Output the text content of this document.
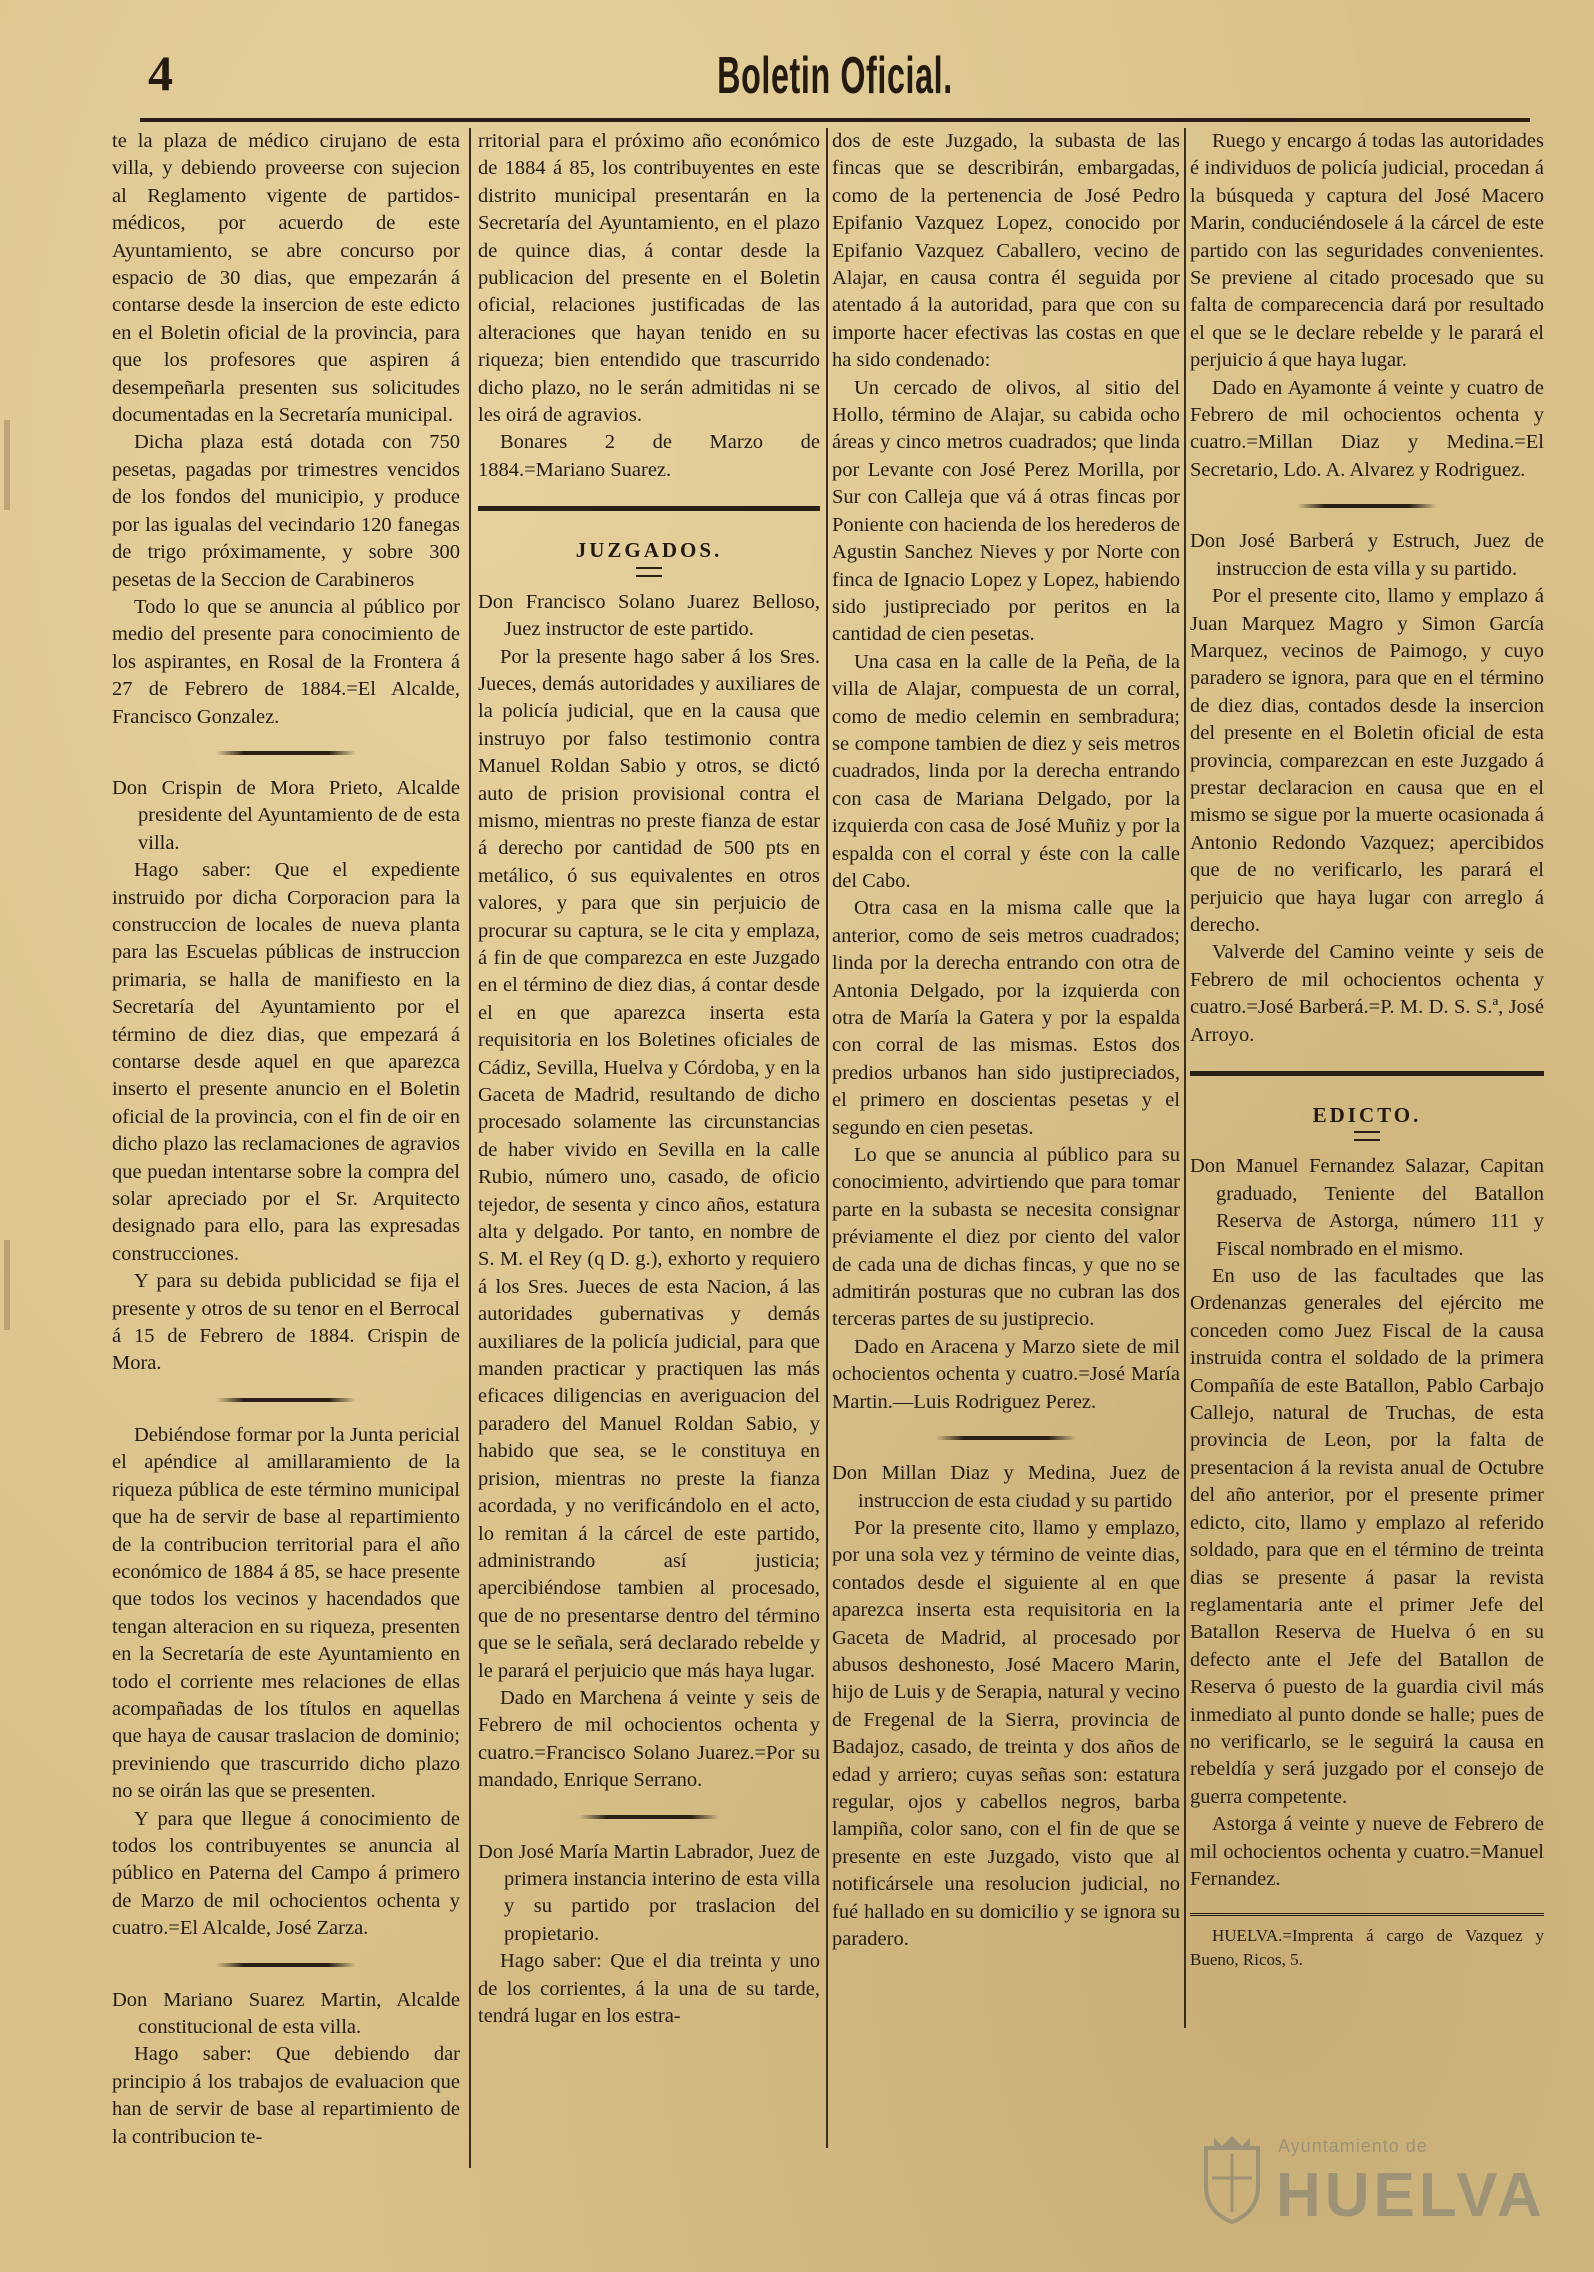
4	Boletin Oficial.

te la plaza de médico cirujano de esta villa, y debiendo proveerse con sujecion al Reglamento vigente de partidos-médicos, por acuerdo de este Ayuntamiento, se abre concurso por espacio de 30 dias, que empezarán á contarse desde la insercion de este edicto en el Boletin oficial de la provincia, para que los profesores que aspiren á desempeñarla presenten sus solicitudes documentadas en la Secretaría municipal.

Dicha plaza está dotada con 750 pesetas, pagadas por trimestres vencidos de los fondos del municipio, y produce por las igualas del vecindario 120 fanegas de trigo próximamente, y sobre 300 pesetas de la Seccion de Carabineros

Todo lo que se anuncia al público por medio del presente para conocimiento de los aspirantes, en Rosal de la Frontera á 27 de Febrero de 1884.=El Alcalde, Francisco Gonzalez.

Don Crispin de Mora Prieto, Alcalde presidente del Ayuntamiento de de esta villa.

Hago saber: Que el expediente instruido por dicha Corporacion para la construccion de locales de nueva planta para las Escuelas públicas de instruccion primaria, se halla de manifiesto en la Secretaría del Ayuntamiento por el término de diez dias, que empezará á contarse desde aquel en que aparezca inserto el presente anuncio en el Boletin oficial de la provincia, con el fin de oir en dicho plazo las reclamaciones de agravios que puedan intentarse sobre la compra del solar apreciado por el Sr. Arquitecto designado para ello, para las expresadas construcciones.

Y para su debida publicidad se fija el presente y otros de su tenor en el Berrocal á 15 de Febrero de 1884. Crispin de Mora.

Debiéndose formar por la Junta pericial el apéndice al amillaramiento de la riqueza pública de este término municipal que ha de servir de base al repartimiento de la contribucion territorial para el año económico de 1884 á 85, se hace presente que todos los vecinos y hacendados que tengan alteracion en su riqueza, presenten en la Secretaría de este Ayuntamiento en todo el corriente mes relaciones de ellas acompañadas de los títulos en aquellas que haya de causar traslacion de dominio; previniendo que trascurrido dicho plazo no se oirán las que se presenten.

Y para que llegue á conocimiento de todos los contribuyentes se anuncia al público en Paterna del Campo á primero de Marzo de mil ochocientos ochenta y cuatro.=El Alcalde, José Zarza.

Don Mariano Suarez Martin, Alcalde constitucional de esta villa.

Hago saber: Que debiendo dar principio á los trabajos de evaluacion que han de servir de base al repartimiento de la contribucion te-

rritorial para el próximo año económico de 1884 á 85, los contribuyentes en este distrito municipal presentarán en la Secretaría del Ayuntamiento, en el plazo de quince dias, á contar desde la publicacion del presente en el Boletin oficial, relaciones justificadas de las alteraciones que hayan tenido en su riqueza; bien entendido que trascurrido dicho plazo, no le serán admitidas ni se les oirá de agravios.

Bonares 2 de Marzo de 1884.=Mariano Suarez.

JUZGADOS.

Don Francisco Solano Juarez Belloso, Juez instructor de este partido.

Por la presente hago saber á los Sres. Jueces, demás autoridades y auxiliares de la policía judicial, que en la causa que instruyo por falso testimonio contra Manuel Roldan Sabio y otros, se dictó auto de prision provisional contra el mismo, mientras no preste fianza de estar á derecho por cantidad de 500 pts en metálico, ó sus equivalentes en otros valores, y para que sin perjuicio de procurar su captura, se le cita y emplaza, á fin de que comparezca en este Juzgado en el término de diez dias, á contar desde el en que aparezca inserta esta requisitoria en los Boletines oficiales de Cádiz, Sevilla, Huelva y Córdoba, y en la Gaceta de Madrid, resultando de dicho procesado solamente las circunstancias de haber vivido en Sevilla en la calle Rubio, número uno, casado, de oficio tejedor, de sesenta y cinco años, estatura alta y delgado. Por tanto, en nombre de S. M. el Rey (q D. g.), exhorto y requiero á los Sres. Jueces de esta Nacion, á las autoridades gubernativas y demás auxiliares de la policía judicial, para que manden practicar y practiquen las más eficaces diligencias en averiguacion del paradero del Manuel Roldan Sabio, y habido que sea, se le constituya en prision, mientras no preste la fianza acordada, y no verificándolo en el acto, lo remitan á la cárcel de este partido, administrando así justicia; apercibiéndose tambien al procesado, que de no presentarse dentro del término que se le señala, será declarado rebelde y le parará el perjuicio que más haya lugar.

Dado en Marchena á veinte y seis de Febrero de mil ochocientos ochenta y cuatro.=Francisco Solano Juarez.=Por su mandado, Enrique Serrano.

Don José María Martin Labrador, Juez de primera instancia interino de esta villa y su partido por traslacion del propietario.

Hago saber: Que el dia treinta y uno de los corrientes, á la una de su tarde, tendrá lugar en los estra-

dos de este Juzgado, la subasta de las fincas que se describirán, embargadas, como de la pertenencia de José Pedro Epifanio Vazquez Lopez, conocido por Epifanio Vazquez Caballero, vecino de Alajar, en causa contra él seguida por atentado á la autoridad, para que con su importe hacer efectivas las costas en que ha sido condenado:

Un cercado de olivos, al sitio del Hollo, término de Alajar, su cabida ocho áreas y cinco metros cuadrados; que linda por Levante con José Perez Morilla, por Sur con Calleja que vá á otras fincas por Poniente con hacienda de los herederos de Agustin Sanchez Nieves y por Norte con finca de Ignacio Lopez y Lopez, habiendo sido justipreciado por peritos en la cantidad de cien pesetas.

Una casa en la calle de la Peña, de la villa de Alajar, compuesta de un corral, como de medio celemin en sembradura; se compone tambien de diez y seis metros cuadrados, linda por la derecha entrando con casa de Mariana Delgado, por la izquierda con casa de José Muñiz y por la espalda con el corral y éste con la calle del Cabo.

Otra casa en la misma calle que la anterior, como de seis metros cuadrados; linda por la derecha entrando con otra de Antonia Delgado, por la izquierda con otra de María la Gatera y por la espalda con corral de las mismas. Estos dos predios urbanos han sido justipreciados, el primero en doscientas pesetas y el segundo en cien pesetas.

Lo que se anuncia al público para su conocimiento, advirtiendo que para tomar parte en la subasta se necesita consignar préviamente el diez por ciento del valor de cada una de dichas fincas, y que no se admitirán posturas que no cubran las dos terceras partes de su justiprecio.

Dado en Aracena y Marzo siete de mil ochocientos ochenta y cuatro.=José María Martin.—Luis Rodriguez Perez.

Don Millan Diaz y Medina, Juez de instruccion de esta ciudad y su partido

Por la presente cito, llamo y emplazo, por una sola vez y término de veinte dias, contados desde el siguiente al en que aparezca inserta esta requisitoria en la Gaceta de Madrid, al procesado por abusos deshonesto, José Macero Marin, hijo de Luis y de Serapia, natural y vecino de Fregenal de la Sierra, provincia de Badajoz, casado, de treinta y dos años de edad y arriero; cuyas señas son: estatura regular, ojos y cabellos negros, barba lampiña, color sano, con el fin de que se presente en este Juzgado, visto que al notificársele una resolucion judicial, no fué hallado en su domicilio y se ignora su paradero.

Ruego y encargo á todas las autoridades é individuos de policía judicial, procedan á la búsqueda y captura del José Macero Marin, conduciéndosele á la cárcel de este partido con las seguridades convenientes. Se previene al citado procesado que su falta de comparecencia dará por resultado el que se le declare rebelde y le parará el perjuicio á que haya lugar.

Dado en Ayamonte á veinte y cuatro de Febrero de mil ochocientos ochenta y cuatro.=Millan Diaz y Medina.=El Secretario, Ldo. A. Alvarez y Rodriguez.

Don José Barberá y Estruch, Juez de instruccion de esta villa y su partido.

Por el presente cito, llamo y emplazo á Juan Marquez Magro y Simon García Marquez, vecinos de Paimogo, y cuyo paradero se ignora, para que en el término de diez dias, contados desde la insercion del presente en el Boletin oficial de esta provincia, comparezcan en este Juzgado á prestar declaracion en causa que en el mismo se sigue por la muerte ocasionada á Antonio Redondo Vazquez; apercibidos que de no verificarlo, les parará el perjuicio que haya lugar con arreglo á derecho.

Valverde del Camino veinte y seis de Febrero de mil ochocientos ochenta y cuatro.=José Barberá.=P. M. D. S. S.ª, José Arroyo.

EDICTO.

Don Manuel Fernandez Salazar, Capitan graduado, Teniente del Batallon Reserva de Astorga, número 111 y Fiscal nombrado en el mismo.

En uso de las facultades que las Ordenanzas generales del ejército me conceden como Juez Fiscal de la causa instruida contra el soldado de la primera Compañía de este Batallon, Pablo Carbajo Callejo, natural de Truchas, de esta provincia de Leon, por la falta de presentacion á la revista anual de Octubre del año anterior, por el presente primer edicto, cito, llamo y emplazo al referido soldado, para que en el término de treinta dias se presente á pasar la revista reglamentaria ante el primer Jefe del Batallon Reserva de Huelva ó en su defecto ante el Jefe del Batallon de Reserva ó puesto de la guardia civil más inmediato al punto donde se halle; pues de no verificarlo, se le seguirá la causa en rebeldía y será juzgado por el consejo de guerra competente.

Astorga á veinte y nueve de Febrero de mil ochocientos ochenta y cuatro.=Manuel Fernandez.

HUELVA.=Imprenta á cargo de Vazquez y Bueno, Ricos, 5.

Ayuntamiento de
HUELVA
